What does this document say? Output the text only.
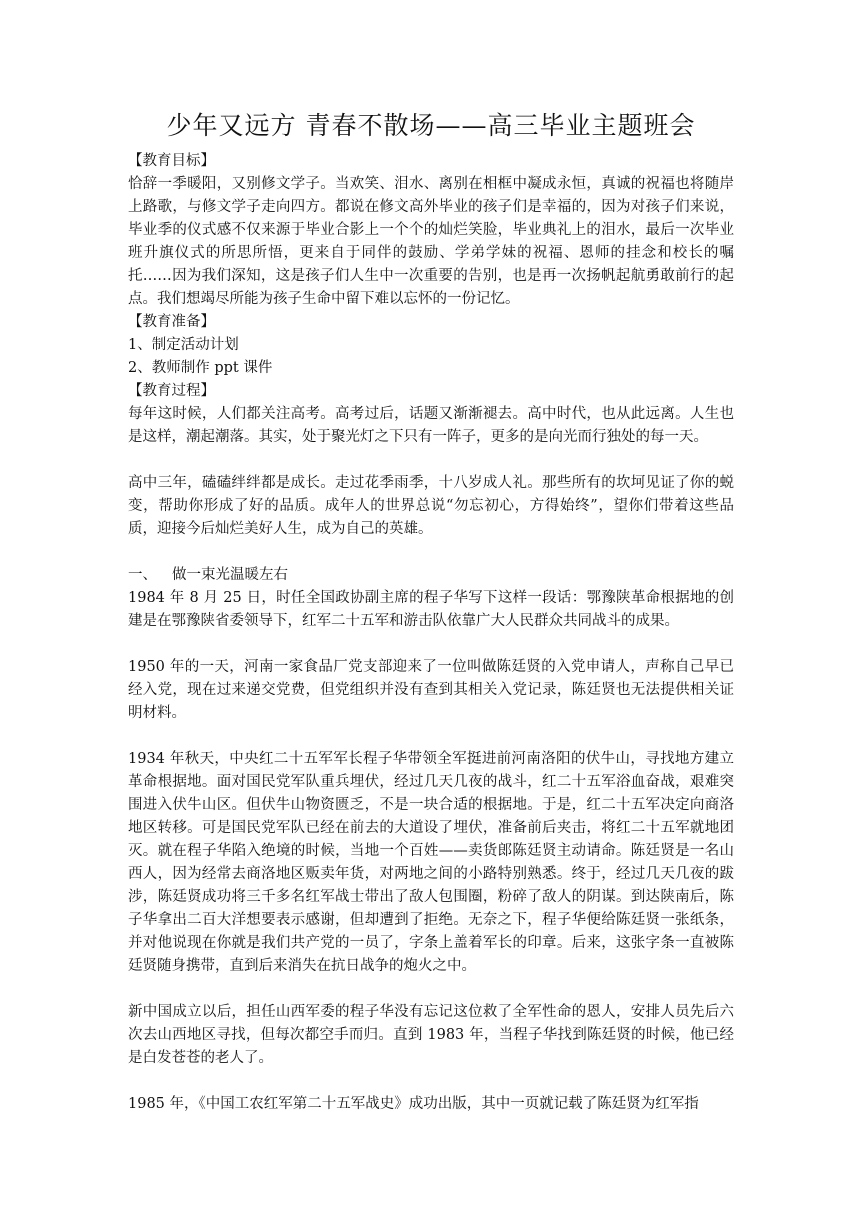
少年又远方 青春不散场——高三毕业主题班会
【教育目标】

恰辞一季暖阳，又别修文学子。当欢笑、泪水、离别在相框中凝成永恒，真诚的祝福也将随岸上路歌，与修文学子走向四方。都说在修文高外毕业的孩子们是幸福的，因为对孩子们来说，毕业季的仪式感不仅来源于毕业合影上一个个的灿烂笑脸，毕业典礼上的泪水，最后一次毕业班升旗仪式的所思所悟，更来自于同伴的鼓励、学弟学妹的祝福、恩师的挂念和校长的嘱托……因为我们深知，这是孩子们人生中一次重要的告别，也是再一次扬帆起航勇敢前行的起点。我们想竭尽所能为孩子生命中留下难以忘怀的一份记忆。

【教育准备】
1、制定活动计划
2、教师制作 ppt 课件
【教育过程】

每年这时候，人们都关注高考。高考过后，话题又渐渐褪去。高中时代，也从此远离。人生也是这样，潮起潮落。其实，处于聚光灯之下只有一阵子，更多的是向光而行独处的每一天。

高中三年，磕磕绊绊都是成长。走过花季雨季，十八岁成人礼。那些所有的坎坷见证了你的蜕变，帮助你形成了好的品质。成年人的世界总说“勿忘初心，方得始终”，望你们带着这些品质，迎接今后灿烂美好人生，成为自己的英雄。

一、 做一束光温暖左右

1984 年 8 月 25 日，时任全国政协副主席的程子华写下这样一段话：鄂豫陕革命根据地的创建是在鄂豫陕省委领导下，红军二十五军和游击队依靠广大人民群众共同战斗的成果。

1950 年的一天，河南一家食品厂党支部迎来了一位叫做陈廷贤的入党申请人，声称自己早已经入党，现在过来递交党费，但党组织并没有查到其相关入党记录，陈廷贤也无法提供相关证明材料。

1934 年秋天，中央红二十五军军长程子华带领全军挺进前河南洛阳的伏牛山，寻找地方建立革命根据地。面对国民党军队重兵埋伏，经过几天几夜的战斗，红二十五军浴血奋战，艰难突围进入伏牛山区。但伏牛山物资匮乏，不是一块合适的根据地。于是，红二十五军决定向商洛地区转移。可是国民党军队已经在前去的大道设了埋伏，准备前后夹击，将红二十五军就地团灭。就在程子华陷入绝境的时候，当地一个百姓——卖货郎陈廷贤主动请命。陈廷贤是一名山西人，因为经常去商洛地区贩卖年货，对两地之间的小路特别熟悉。终于，经过几天几夜的跋涉，陈廷贤成功将三千多名红军战士带出了敌人包围圈，粉碎了敌人的阴谋。到达陕南后，陈子华拿出二百大洋想要表示感谢，但却遭到了拒绝。无奈之下，程子华便给陈廷贤一张纸条，并对他说现在你就是我们共产党的一员了，字条上盖着军长的印章。后来，这张字条一直被陈廷贤随身携带，直到后来消失在抗日战争的炮火之中。

新中国成立以后，担任山西军委的程子华没有忘记这位救了全军性命的恩人，安排人员先后六次去山西地区寻找，但每次都空手而归。直到 1983 年，当程子华找到陈廷贤的时候，他已经是白发苍苍的老人了。

1985 年，《中国工农红军第二十五军战史》成功出版，其中一页就记载了陈廷贤为红军指
